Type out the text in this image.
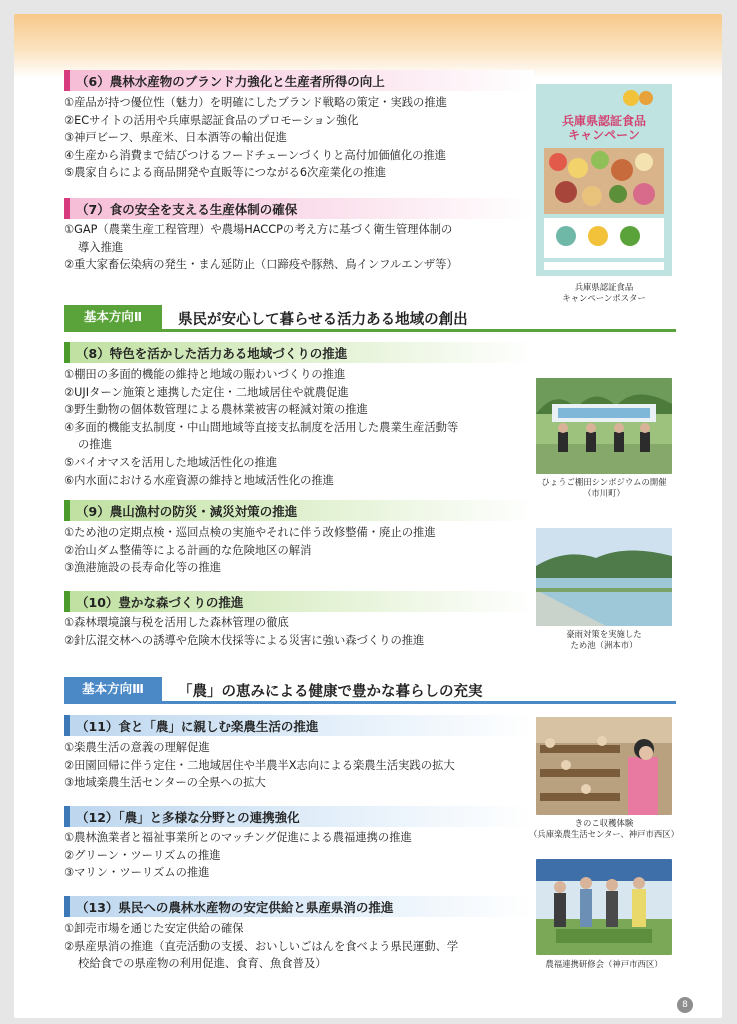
（6）農林水産物のブランド力強化と生産者所得の向上
①産品が持つ優位性（魅力）を明確にしたブランド戦略の策定・実践の推進
②ECサイトの活用や兵庫県認証食品のプロモーション強化
③神戸ビーフ、県産米、日本酒等の輸出促進
④生産から消費まで結びつけるフードチェーンづくりと高付加価値化の推進
⑤農家自らによる商品開発や直販等につながる6次産業化の推進
（7）食の安全を支える生産体制の確保
①GAP（農業生産工程管理）や農場HACCPの考え方に基づく衛生管理体制の
導入推進
②重大家畜伝染病の発生・まん延防止（口蹄疫や豚熱、鳥インフルエンザ等）
兵庫県認証食品
キャンペーン
兵庫県認証食品
キャンペーンポスター
基本方向Ⅱ	県民が安心して暮らせる活力ある地域の創出
（8）特色を活かした活力ある地域づくりの推進
①棚田の多面的機能の維持と地域の賑わいづくりの推進
②UJIターン施策と連携した定住・二地域居住や就農促進
③野生動物の個体数管理による農林業被害の軽減対策の推進
④多面的機能支払制度・中山間地域等直接支払制度を活用した農業生産活動等
の推進
⑤バイオマスを活用した地域活性化の推進
⑥内水面における水産資源の維持と地域活性化の推進	ひょうご棚田シンポジウムの開催
（市川町）
（9）農山漁村の防災・減災対策の推進
①ため池の定期点検・巡回点検の実施やそれに伴う改修整備・廃止の推進
②治山ダム整備等による計画的な危険地区の解消
③漁港施設の長寿命化等の推進
（10）豊かな森づくりの推進
①森林環境譲与税を活用した森林管理の徹底
②針広混交林への誘導や危険木伐採等による災害に強い森づくりの推進	豪雨対策を実施した
ため池（洲本市）
基本方向Ⅲ	「農」の恵みによる健康で豊かな暮らしの充実
（11）食と「農」に親しむ楽農生活の推進
①楽農生活の意義の理解促進
②田園回帰に伴う定住・二地域居住や半農半X志向による楽農生活実践の拡大
③地域楽農生活センターの全県への拡大
きのこ収穫体験
（兵庫楽農生活センター、神戸市西区）
（12）「農」と多様な分野との連携強化
①農林漁業者と福祉事業所とのマッチング促進による農福連携の推進
②グリーン・ツーリズムの推進
③マリン・ツーリズムの推進
農福連携研修会（神戸市西区）
（13）県民への農林水産物の安定供給と県産県消の推進
①卸売市場を通じた安定供給の確保
②県産県消の推進（直売活動の支援、おいしいごはんを食べよう県民運動、学
校給食での県産物の利用促進、食育、魚食普及）
8
